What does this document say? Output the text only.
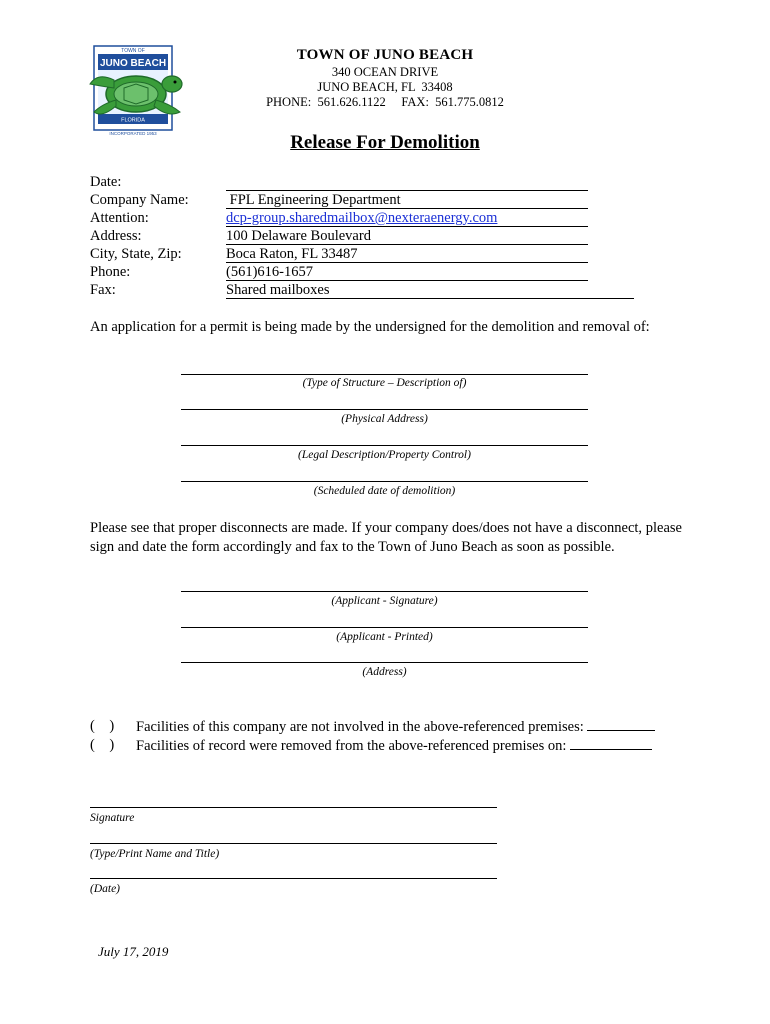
TOWN OF
JUNO BEACH
FLORIDA
INCORPORATED 1953
TOWN OF JUNO BEACH
340 OCEAN DRIVE
JUNO BEACH, FL  33408
PHONE:  561.626.1122     FAX:  561.775.0812
Release For Demolition
Date:
Company Name:
Attention:
Address:
City, State, Zip:
Phone:
Fax:
FPL Engineering Department
dcp-group.sharedmailbox@nexteraenergy.com
100 Delaware Boulevard
Boca Raton, FL 33487
(561)616-1657
Shared mailboxes
An application for a permit is being made by the undersigned for the demolition and removal of:
(Type of Structure – Description of)
(Physical Address)
(Legal Description/Property Control)
(Scheduled date of demolition)
Please see that proper disconnects are made. If your company does/does not have a disconnect, please sign and date the form accordingly and fax to the Town of Juno Beach as soon as possible.
(Applicant - Signature)
(Applicant - Printed)
(Address)
(    ) Facilities of this company are not involved in the above-referenced premises:
(    ) Facilities of record were removed from the above-referenced premises on:
Signature
(Type/Print Name and Title)
(Date)
July 17, 2019
